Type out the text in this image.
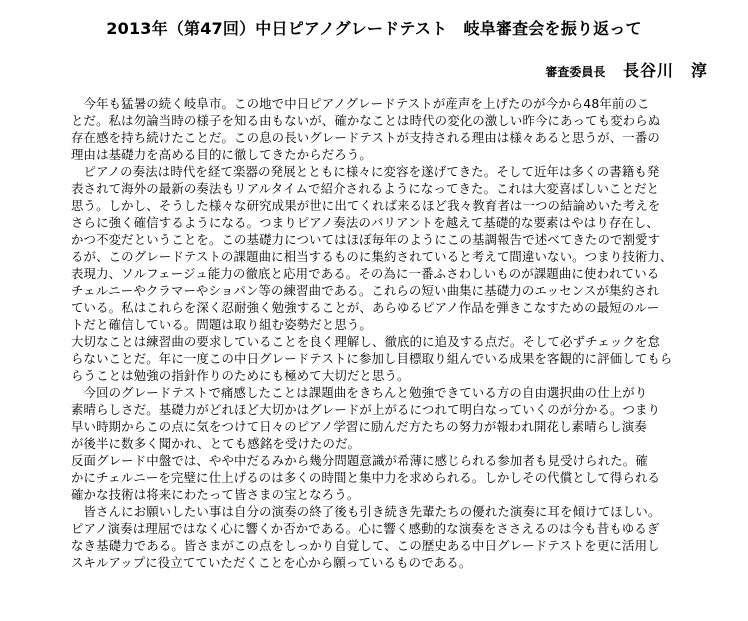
2013年（第47回）中日ピアノグレードテスト　岐阜審査会を振り返って
審査委員長 長谷川　淳
　今年も猛暑の続く岐阜市。この地で中日ピアノグレードテストが産声を上げたのが今から48年前のこ
とだ。私は勿論当時の様子を知る由もないが、確かなことは時代の変化の激しい昨今にあっても変わらぬ
存在感を持ち続けたことだ。この息の長いグレードテストが支持される理由は様々あると思うが、一番の
理由は基礎力を高める目的に徹してきたからだろう。
　ピアノの奏法は時代を経て楽器の発展とともに様々に変容を遂げてきた。そして近年は多くの書籍も発
表されて海外の最新の奏法もリアルタイムで紹介されるようになってきた。これは大変喜ばしいことだと
思う。しかし、そうした様々な研究成果が世に出てくれば来るほど我々教育者は一つの結論めいた考えを
さらに強く確信するようになる。つまりピアノ奏法のバリアントを越えて基礎的な要素はやはり存在し、
かつ不変だということを。この基礎力についてはほぼ毎年のようにこの基調報告で述べてきたので割愛す
るが、このグレードテストの課題曲に相当するものに集約されていると考えて間違いない。つまり技術力、
表現力、ソルフェージュ能力の徹底と応用である。その為に一番ふさわしいものが課題曲に使われている
チェルニーやクラマーやショパン等の練習曲である。これらの短い曲集に基礎力のエッセンスが集約され
ている。私はこれらを深く忍耐強く勉強することが、あらゆるピアノ作品を弾きこなすための最短のルー
トだと確信している。問題は取り組む姿勢だと思う。
大切なことは練習曲の要求していることを良く理解し、徹底的に追及する点だ。そして必ずチェックを怠
らないことだ。年に一度この中日グレードテストに参加し目標取り組んでいる成果を客観的に評価してもら
らうことは勉強の指針作りのためにも極めて大切だと思う。
　今回のグレードテストで痛感したことは課題曲をきちんと勉強できている方の自由選択曲の仕上がり
素晴らしさだ。基礎力がどれほど大切かはグレードが上がるにつれて明白なっていくのが分かる。つまり
早い時期からこの点に気をつけて日々のピアノ学習に励んだ方たちの努力が報われ開花し素晴らし演奏
が後半に数多く聞かれ、とても感銘を受けたのだ。
反面グレード中盤では、やや中だるみから幾分問題意識が希薄に感じられる参加者も見受けられた。確
かにチェルニーを完璧に仕上げるのは多くの時間と集中力を求められる。しかしその代償として得られる
確かな技術は将来にわたって皆さまの宝となろう。
　皆さんにお願いしたい事は自分の演奏の終了後も引き続き先輩たちの優れた演奏に耳を傾けてほしい。
ピアノ演奏は理屈ではなく心に響くか否かである。心に響く感動的な演奏をささえるのは今も昔もゆるぎ
なき基礎力である。皆さまがこの点をしっかり自覚して、この歴史ある中日グレードテストを更に活用し
スキルアップに役立てていただくことを心から願っているものである。
